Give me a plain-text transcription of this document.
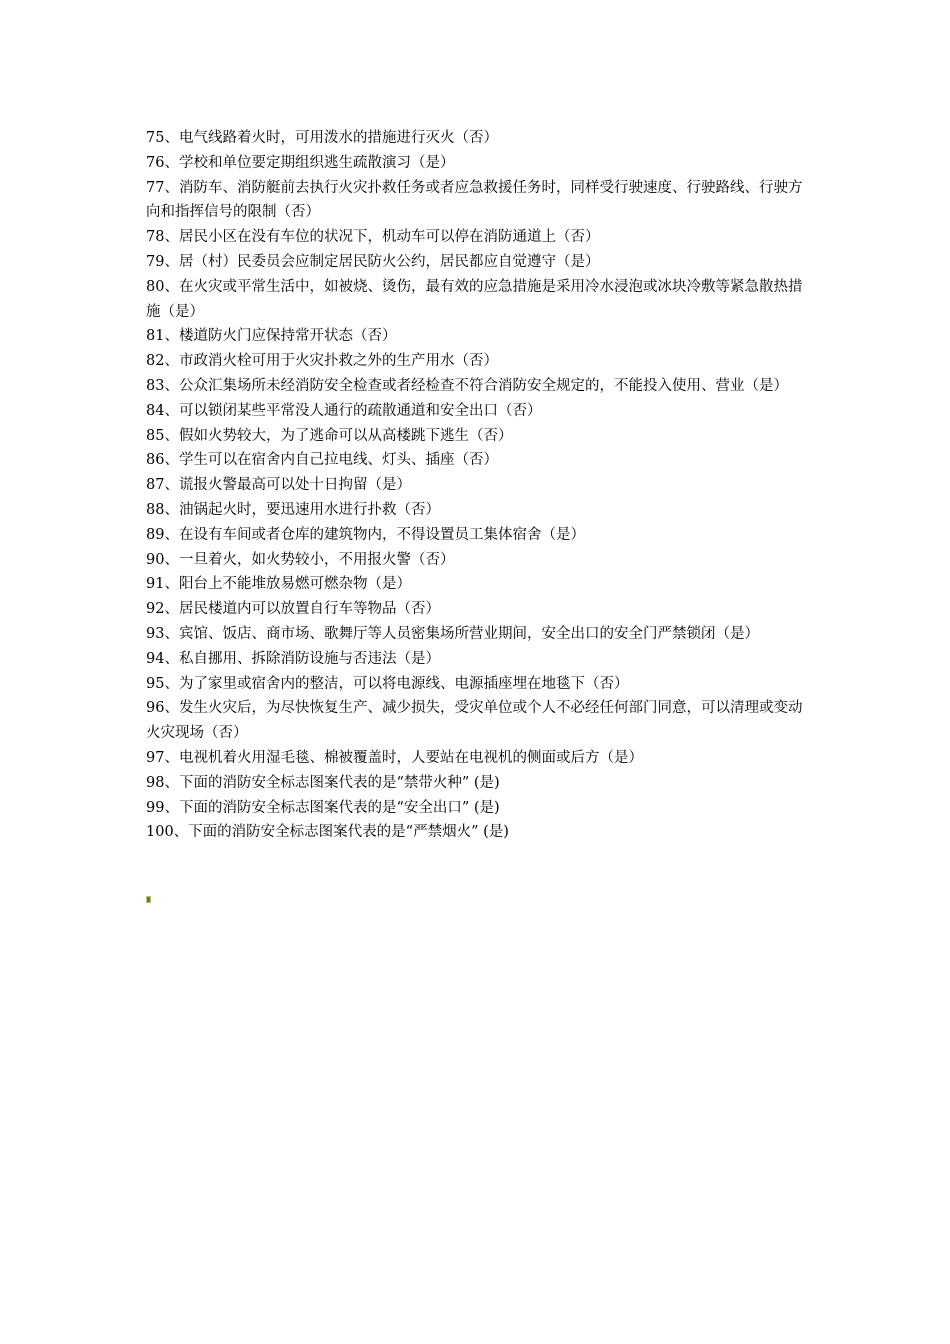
75、电气线路着火时，可用泼水的措施进行灭火（否）

76、学校和单位要定期组织逃生疏散演习（是）

77、消防车、消防艇前去执行火灾扑救任务或者应急救援任务时，同样受行驶速度、行驶路线、行驶方向和指挥信号的限制（否）

78、居民小区在没有车位的状况下，机动车可以停在消防通道上（否）

79、居（村）民委员会应制定居民防火公约，居民都应自觉遵守（是）

80、在火灾或平常生活中，如被烧、烫伤，最有效的应急措施是采用冷水浸泡或冰块冷敷等紧急散热措施（是）

81、楼道防火门应保持常开状态（否）

82、市政消火栓可用于火灾扑救之外的生产用水（否）

83、公众汇集场所未经消防安全检查或者经检查不符合消防安全规定的，不能投入使用、营业（是）

84、可以锁闭某些平常没人通行的疏散通道和安全出口（否）

85、假如火势较大，为了逃命可以从高楼跳下逃生（否）

86、学生可以在宿舍内自己拉电线、灯头、插座（否）

87、谎报火警最高可以处十日拘留（是）

88、油锅起火时，要迅速用水进行扑救（否）

89、在设有车间或者仓库的建筑物内，不得设置员工集体宿舍（是）

90、一旦着火，如火势较小，不用报火警（否）

91、阳台上不能堆放易燃可燃杂物（是）

92、居民楼道内可以放置自行车等物品（否）

93、宾馆、饭店、商市场、歌舞厅等人员密集场所营业期间，安全出口的安全门严禁锁闭（是）

94、私自挪用、拆除消防设施与否违法（是）

95、为了家里或宿舍内的整洁，可以将电源线、电源插座埋在地毯下（否）

96、发生火灾后，为尽快恢复生产、减少损失，受灾单位或个人不必经任何部门同意，可以清理或变动火灾现场（否）

97、电视机着火用湿毛毯、棉被覆盖时，人要站在电视机的侧面或后方（是）

98、下面的消防安全标志图案代表的是“禁带火种” (是)

99、下面的消防安全标志图案代表的是“安全出口” (是)

100、下面的消防安全标志图案代表的是“严禁烟火” (是)
